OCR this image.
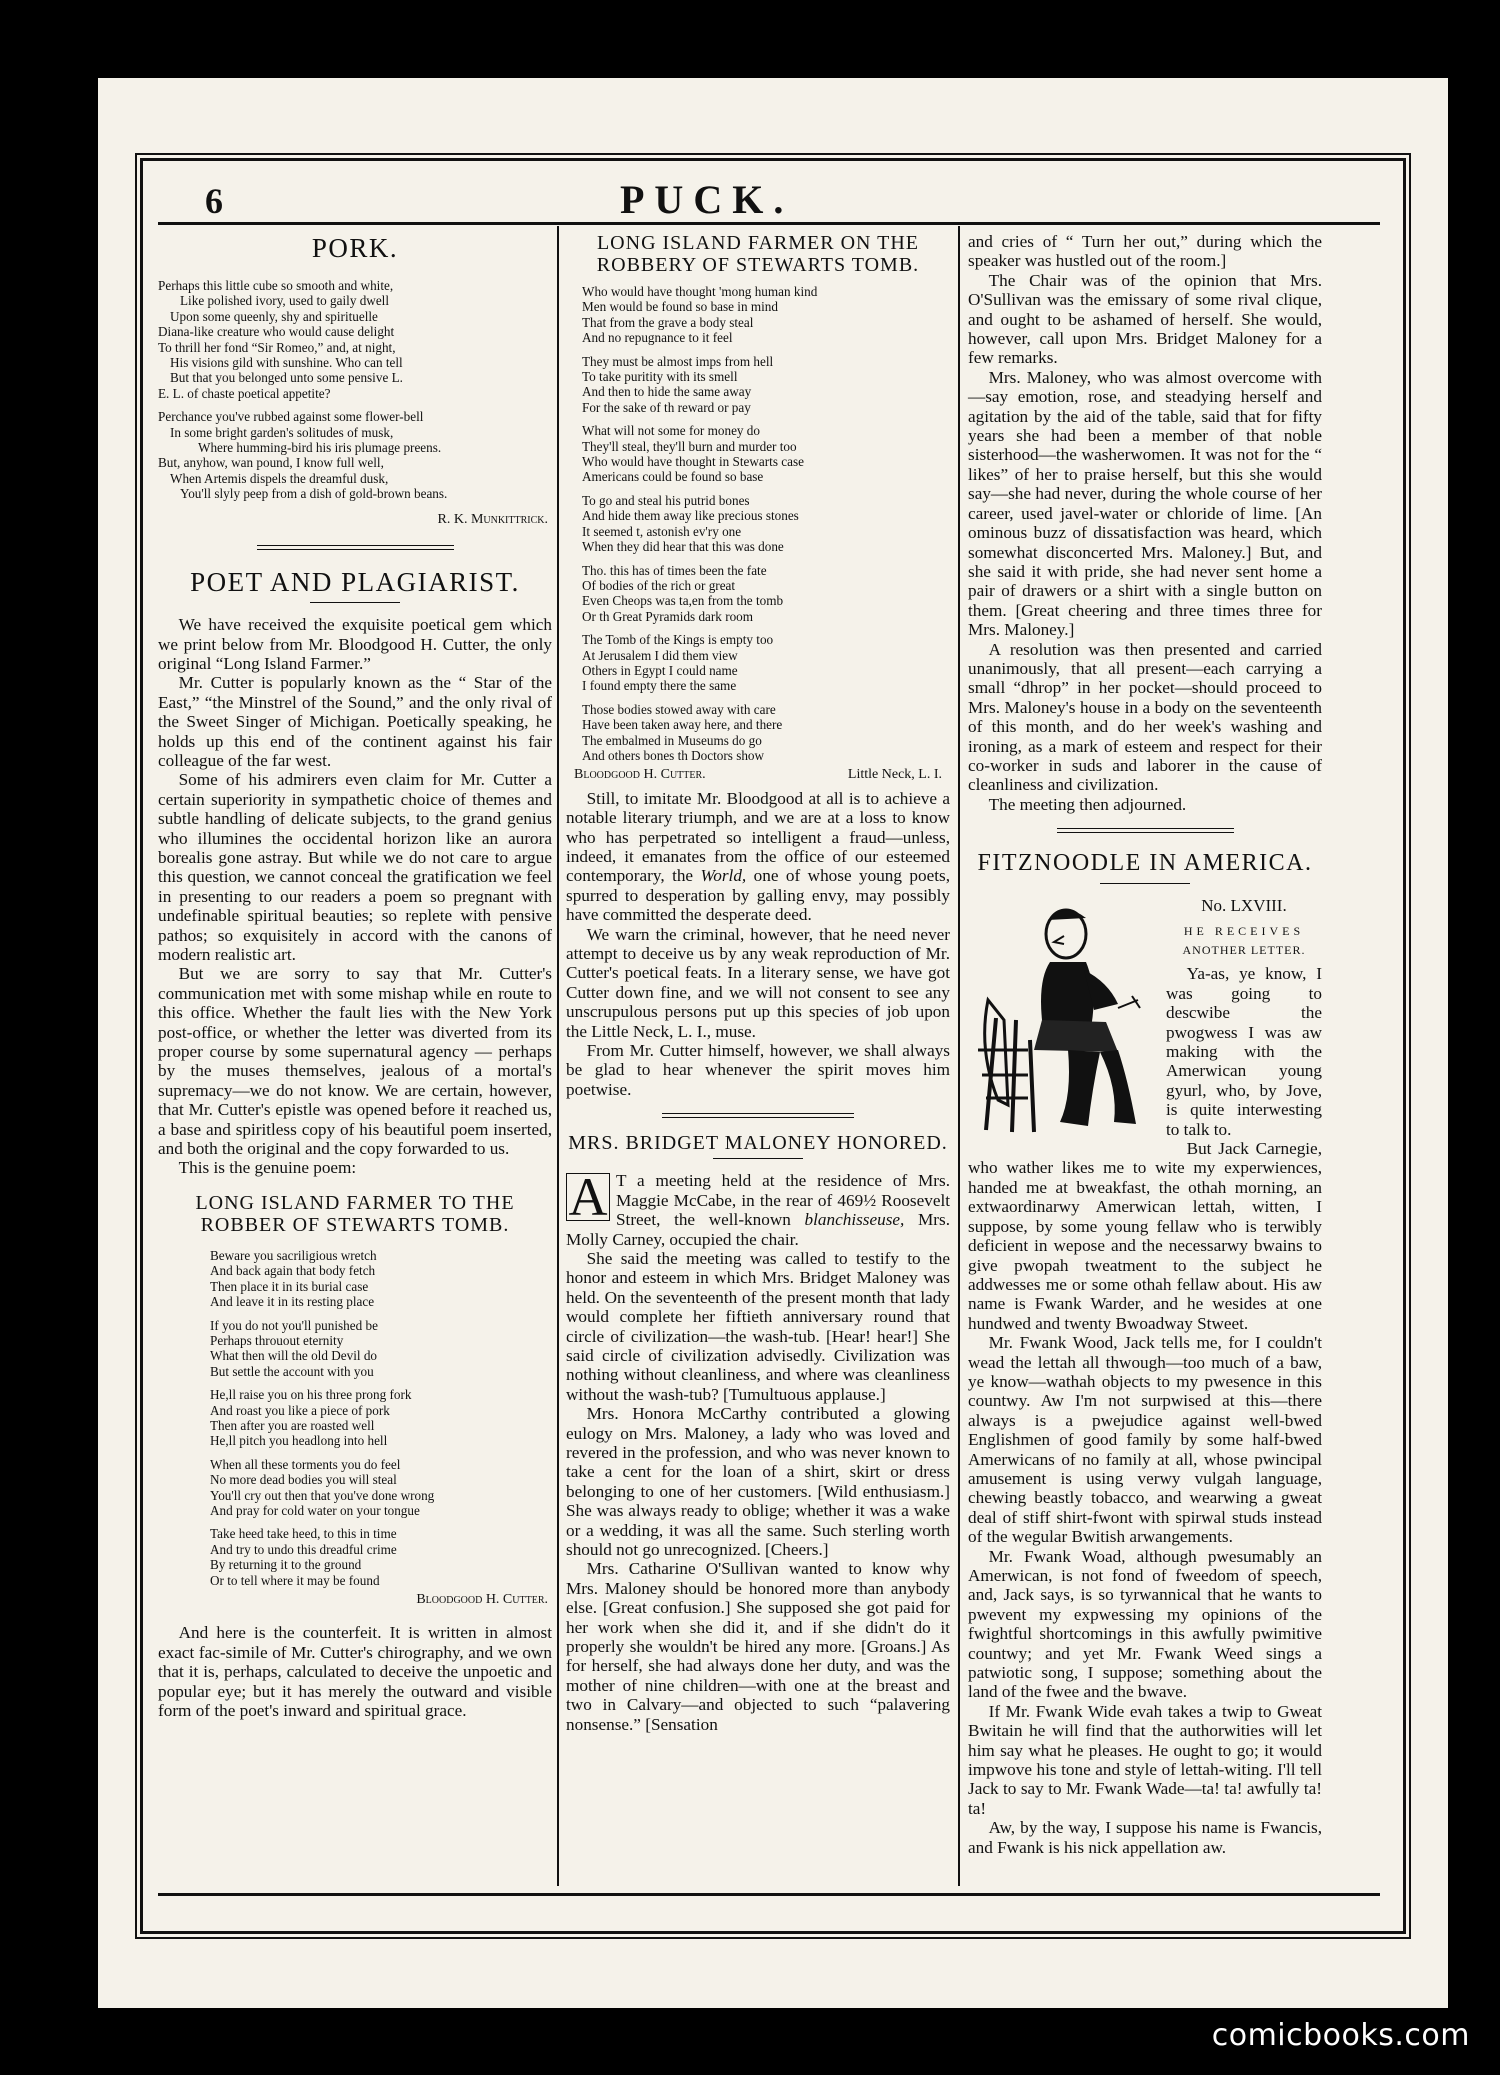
6	PUCK.
PORK.
Perhaps this little cube so smooth and white,
Like polished ivory, used to gaily dwell
Upon some queenly, shy and spirituelle
Diana-like creature who would cause delight
To thrill her fond “Sir Romeo,” and, at night,
His visions gild with sunshine. Who can tell
But that you belonged unto some pensive L.
E. L. of chaste poetical appetite?
Perchance you've rubbed against some flower-bell
In some bright garden's solitudes of musk,
Where humming-bird his iris plumage preens.
But, anyhow, wan pound, I know full well,
When Artemis dispels the dreamful dusk,
You'll slyly peep from a dish of gold-brown beans.
R. K. Munkittrick.
POET AND PLAGIARIST.

We have received the exquisite poetical gem which we print below from Mr. Bloodgood H. Cutter, the only original “Long Island Farmer.”

Mr. Cutter is popularly known as the “ Star of the East,” “the Minstrel of the Sound,” and the only rival of the Sweet Singer of Michigan. Poetically speaking, he holds up this end of the continent against his fair colleague of the far west.

Some of his admirers even claim for Mr. Cutter a certain superiority in sympathetic choice of themes and subtle handling of delicate subjects, to the grand genius who illumines the occidental horizon like an aurora borealis gone astray. But while we do not care to argue this question, we cannot conceal the gratification we feel in presenting to our readers a poem so pregnant with undefinable spiritual beauties; so replete with pensive pathos; so exquisitely in accord with the canons of modern realistic art.

But we are sorry to say that Mr. Cutter's communication met with some mishap while en route to this office. Whether the fault lies with the New York post-office, or whether the letter was diverted from its proper course by some supernatural agency — perhaps by the muses themselves, jealous of a mortal's supremacy—we do not know. We are certain, however, that Mr. Cutter's epistle was opened before it reached us, a base and spiritless copy of his beautiful poem inserted, and both the original and the copy forwarded to us.

This is the genuine poem:

LONG ISLAND FARMER TO THE ROBBER OF STEWARTS TOMB.
Beware you sacriligious wretch
And back again that body fetch
Then place it in its burial case
And leave it in its resting place
If you do not you'll punished be
Perhaps throuout eternity
What then will the old Devil do
But settle the account with you
He,ll raise you on his three prong fork
And roast you like a piece of pork
Then after you are roasted well
He,ll pitch you headlong into hell
When all these torments you do feel
No more dead bodies you will steal
You'll cry out then that you've done wrong
And pray for cold water on your tongue
Take heed take heed, to this in time
And try to undo this dreadful crime
By returning it to the ground
Or to tell where it may be found
Bloodgood H. Cutter.

And here is the counterfeit. It is written in almost exact fac-simile of Mr. Cutter's chirography, and we own that it is, perhaps, calculated to deceive the unpoetic and popular eye; but it has merely the outward and visible form of the poet's inward and spiritual grace.

LONG ISLAND FARMER ON THE ROBBERY OF STEWARTS TOMB.
Who would have thought 'mong human kind
Men would be found so base in mind
That from the grave a body steal
And no repugnance to it feel
They must be almost imps from hell
To take puritity with its smell
And then to hide the same away
For the sake of th reward or pay
What will not some for money do
They'll steal, they'll burn and murder too
Who would have thought in Stewarts case
Americans could be found so base
To go and steal his putrid bones
And hide them away like precious stones
It seemed t, astonish ev'ry one
When they did hear that this was done
Tho. this has of times been the fate
Of bodies of the rich or great
Even Cheops was ta,en from the tomb
Or th Great Pyramids dark room
The Tomb of the Kings is empty too
At Jerusalem I did them view
Others in Egypt I could name
I found empty there the same
Those bodies stowed away with care
Have been taken away here, and there
The embalmed in Museums do go
And others bones th Doctors show
Bloodgood H. Cutter.	Little Neck, L. I.

Still, to imitate Mr. Bloodgood at all is to achieve a notable literary triumph, and we are at a loss to know who has perpetrated so intelligent a fraud—unless, indeed, it emanates from the office of our esteemed contemporary, the World, one of whose young poets, spurred to desperation by galling envy, may possibly have committed the desperate deed.

We warn the criminal, however, that he need never attempt to deceive us by any weak reproduction of Mr. Cutter's poetical feats. In a literary sense, we have got Cutter down fine, and we will not consent to see any unscrupulous persons put up this species of job upon the Little Neck, L. I., muse.

From Mr. Cutter himself, however, we shall always be glad to hear whenever the spirit moves him poetwise.

MRS. BRIDGET MALONEY HONORED.

A T a meeting held at the residence of Mrs. Maggie McCabe, in the rear of 469½ Roosevelt Street, the well-known blanchisseuse, Mrs. Molly Carney, occupied the chair.

She said the meeting was called to testify to the honor and esteem in which Mrs. Bridget Maloney was held. On the seventeenth of the present month that lady would complete her fiftieth anniversary round that circle of civilization—the wash-tub. [Hear! hear!] She said circle of civilization advisedly. Civilization was nothing without cleanliness, and where was cleanliness without the wash-tub? [Tumultuous applause.]

Mrs. Honora McCarthy contributed a glowing eulogy on Mrs. Maloney, a lady who was loved and revered in the profession, and who was never known to take a cent for the loan of a shirt, skirt or dress belonging to one of her customers. [Wild enthusiasm.] She was always ready to oblige; whether it was a wake or a wedding, it was all the same. Such sterling worth should not go unrecognized. [Cheers.]

Mrs. Catharine O'Sullivan wanted to know why Mrs. Maloney should be honored more than anybody else. [Great confusion.] She supposed she got paid for her work when she did it, and if she didn't do it properly she wouldn't be hired any more. [Groans.] As for herself, she had always done her duty, and was the mother of nine children—with one at the breast and two in Calvary—and objected to such “palavering nonsense.” [Sensation

and cries of “ Turn her out,” during which the speaker was hustled out of the room.]

The Chair was of the opinion that Mrs. O'Sullivan was the emissary of some rival clique, and ought to be ashamed of herself. She would, however, call upon Mrs. Bridget Maloney for a few remarks.

Mrs. Maloney, who was almost overcome with—say emotion, rose, and steadying herself and agitation by the aid of the table, said that for fifty years she had been a member of that noble sisterhood—the washerwomen. It was not for the “ likes” of her to praise herself, but this she would say—she had never, during the whole course of her career, used javel-water or chloride of lime. [An ominous buzz of dissatisfaction was heard, which somewhat disconcerted Mrs. Maloney.] But, and she said it with pride, she had never sent home a pair of drawers or a shirt with a single button on them. [Great cheering and three times three for Mrs. Maloney.]

A resolution was then presented and carried unanimously, that all present—each carrying a small “dhrop” in her pocket—should proceed to Mrs. Maloney's house in a body on the seventeenth of this month, and do her week's washing and ironing, as a mark of esteem and respect for their co-worker in suds and laborer in the cause of cleanliness and civilization.

The meeting then adjourned.

FITZNOODLE IN AMERICA.
No. LXVIII.
HE RECEIVES
ANOTHER LETTER.

Ya-as, ye know, I was going to descwibe the pwogwess I was aw making with the Amerwican young gyurl, who, by Jove, is quite interwesting to talk to.

But Jack Carnegie, who wather likes me to wite my experwiences, handed me at bweakfast, the othah morning, an extwaordinarwy Amerwican lettah, witten, I suppose, by some young fellaw who is terwibly deficient in wepose and the necessarwy bwains to give pwopah tweatment to the subject he addwesses me or some othah fellaw about. His aw name is Fwank Warder, and he wesides at one hundwed and twenty Bwoadway Stweet.

Mr. Fwank Wood, Jack tells me, for I couldn't wead the lettah all thwough—too much of a baw, ye know—wathah objects to my pwesence in this countwy. Aw I'm not surpwised at this—there always is a pwejudice against well-bwed Englishmen of good family by some half-bwed Amerwicans of no family at all, whose pwincipal amusement is using verwy vulgah language, chewing beastly tobacco, and wearwing a gweat deal of stiff shirt-fwont with spirwal studs instead of the wegular Bwitish arwangements.

Mr. Fwank Woad, although pwesumably an Amerwican, is not fond of fweedom of speech, and, Jack says, is so tyrwannical that he wants to pwevent my expwessing my opinions of the fwightful shortcomings in this awfully pwimitive countwy; and yet Mr. Fwank Weed sings a patwiotic song, I suppose; something about the land of the fwee and the bwave.

If Mr. Fwank Wide evah takes a twip to Gweat Bwitain he will find that the authorwities will let him say what he pleases. He ought to go; it would impwove his tone and style of lettah-witing. I'll tell Jack to say to Mr. Fwank Wade—ta! ta! awfully ta! ta!

Aw, by the way, I suppose his name is Fwancis, and Fwank is his nick appellation aw.

comicbooks.com
